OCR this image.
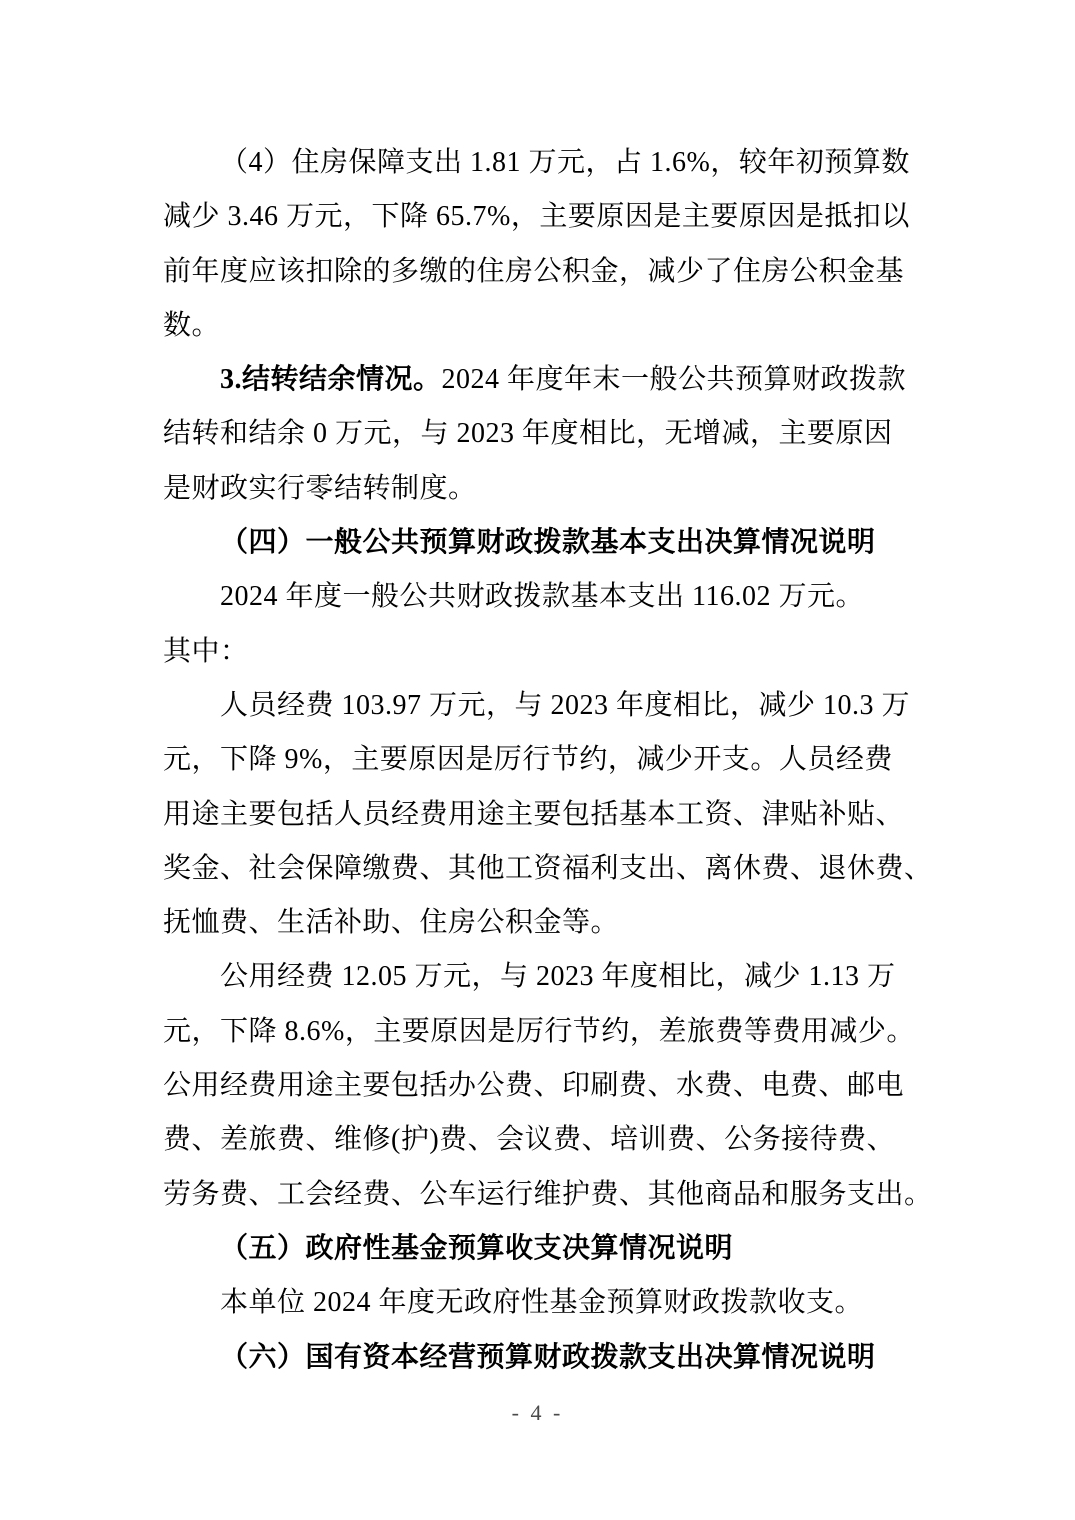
（4）住房保障支出 1.81 万元，占 1.6%，较年初预算数
减少 3.46 万元，下降 65.7%，主要原因是主要原因是抵扣以
前年度应该扣除的多缴的住房公积金，减少了住房公积金基
数。
3.结转结余情况。2024 年度年末一般公共预算财政拨款
结转和结余 0 万元，与 2023 年度相比，无增减，主要原因
是财政实行零结转制度。
（四）一般公共预算财政拨款基本支出决算情况说明
2024 年度一般公共财政拨款基本支出 116.02 万元。
其中：
人员经费 103.97 万元，与 2023 年度相比，减少 10.3 万
元，下降 9%，主要原因是厉行节约，减少开支。人员经费
用途主要包括人员经费用途主要包括基本工资、津贴补贴、
奖金、社会保障缴费、其他工资福利支出、离休费、退休费、
抚恤费、生活补助、住房公积金等。
公用经费 12.05 万元，与 2023 年度相比，减少 1.13 万
元，下降 8.6%，主要原因是厉行节约，差旅费等费用减少。
公用经费用途主要包括办公费、印刷费、水费、电费、邮电
费、差旅费、维修(护)费、会议费、培训费、公务接待费、
劳务费、工会经费、公车运行维护费、其他商品和服务支出。
（五）政府性基金预算收支决算情况说明
本单位 2024 年度无政府性基金预算财政拨款收支。
（六）国有资本经营预算财政拨款支出决算情况说明
- 4 -
